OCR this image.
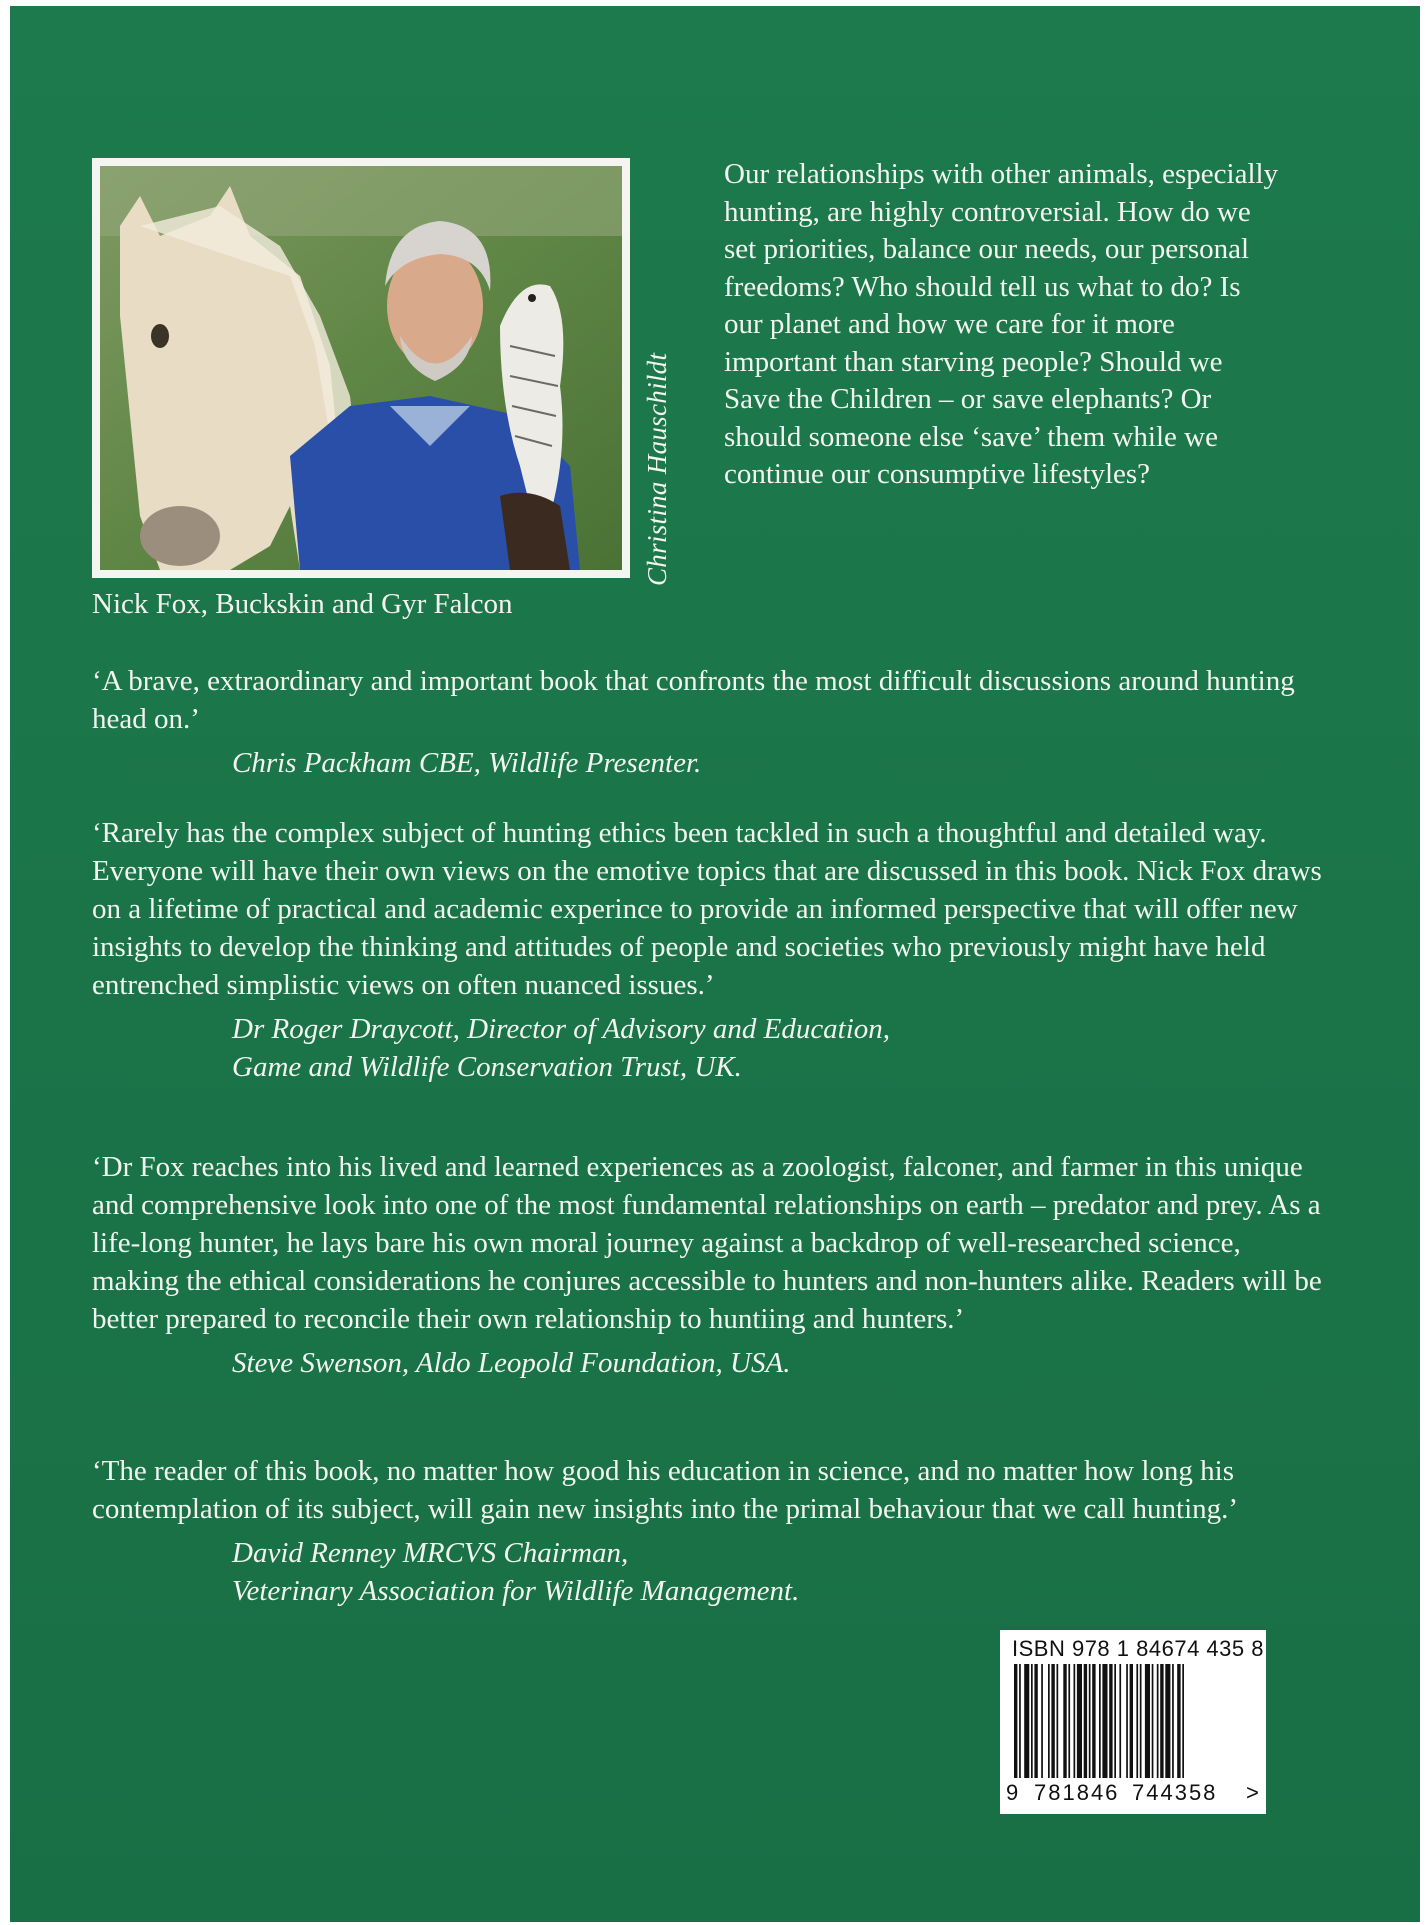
Christina Hauschildt
Nick Fox, Buckskin and Gyr Falcon

Our relationships with other animals, especially hunting, are highly controversial. How do we set priorities, balance our needs, our personal freedoms? Who should tell us what to do? Is our planet and how we care for it more important than starving people? Should we Save the Children – or save elephants? Or should someone else ‘save’ them while we continue our consumptive lifestyles?

‘A brave, extraordinary and important book that confronts the most difficult discussions around hunting head on.’

Chris Packham CBE, Wildlife Presenter.

‘Rarely has the complex subject of hunting ethics been tackled in such a thoughtful and detailed way. Everyone will have their own views on the emotive topics that are discussed in this book. Nick Fox draws on a lifetime of practical and academic experince to provide an informed perspective that will offer new insights to develop the thinking and attitudes of people and societies who previously might have held entrenched simplistic views on often nuanced issues.’

Dr Roger Draycott, Director of Advisory and Education,

Game and Wildlife Conservation Trust, UK.

‘Dr Fox reaches into his lived and learned experiences as a zoologist, falconer, and farmer in this unique and comprehensive look into one of the most fundamental relationships on earth – predator and prey. As a life-long hunter, he lays bare his own moral journey against a backdrop of well-researched science, making the ethical considerations he conjures accessible to hunters and non-hunters alike. Readers will be better prepared to reconcile their own relationship to huntiing and hunters.’

Steve Swenson, Aldo Leopold Foundation, USA.

‘The reader of this book, no matter how good his education in science, and no matter how long his contemplation of its subject, will gain new insights into the primal behaviour that we call hunting.’

David Renney MRCVS Chairman,

Veterinary Association for Wildlife Management.

ISBN 978 1 84674 435 8
9 781846 744358 >
